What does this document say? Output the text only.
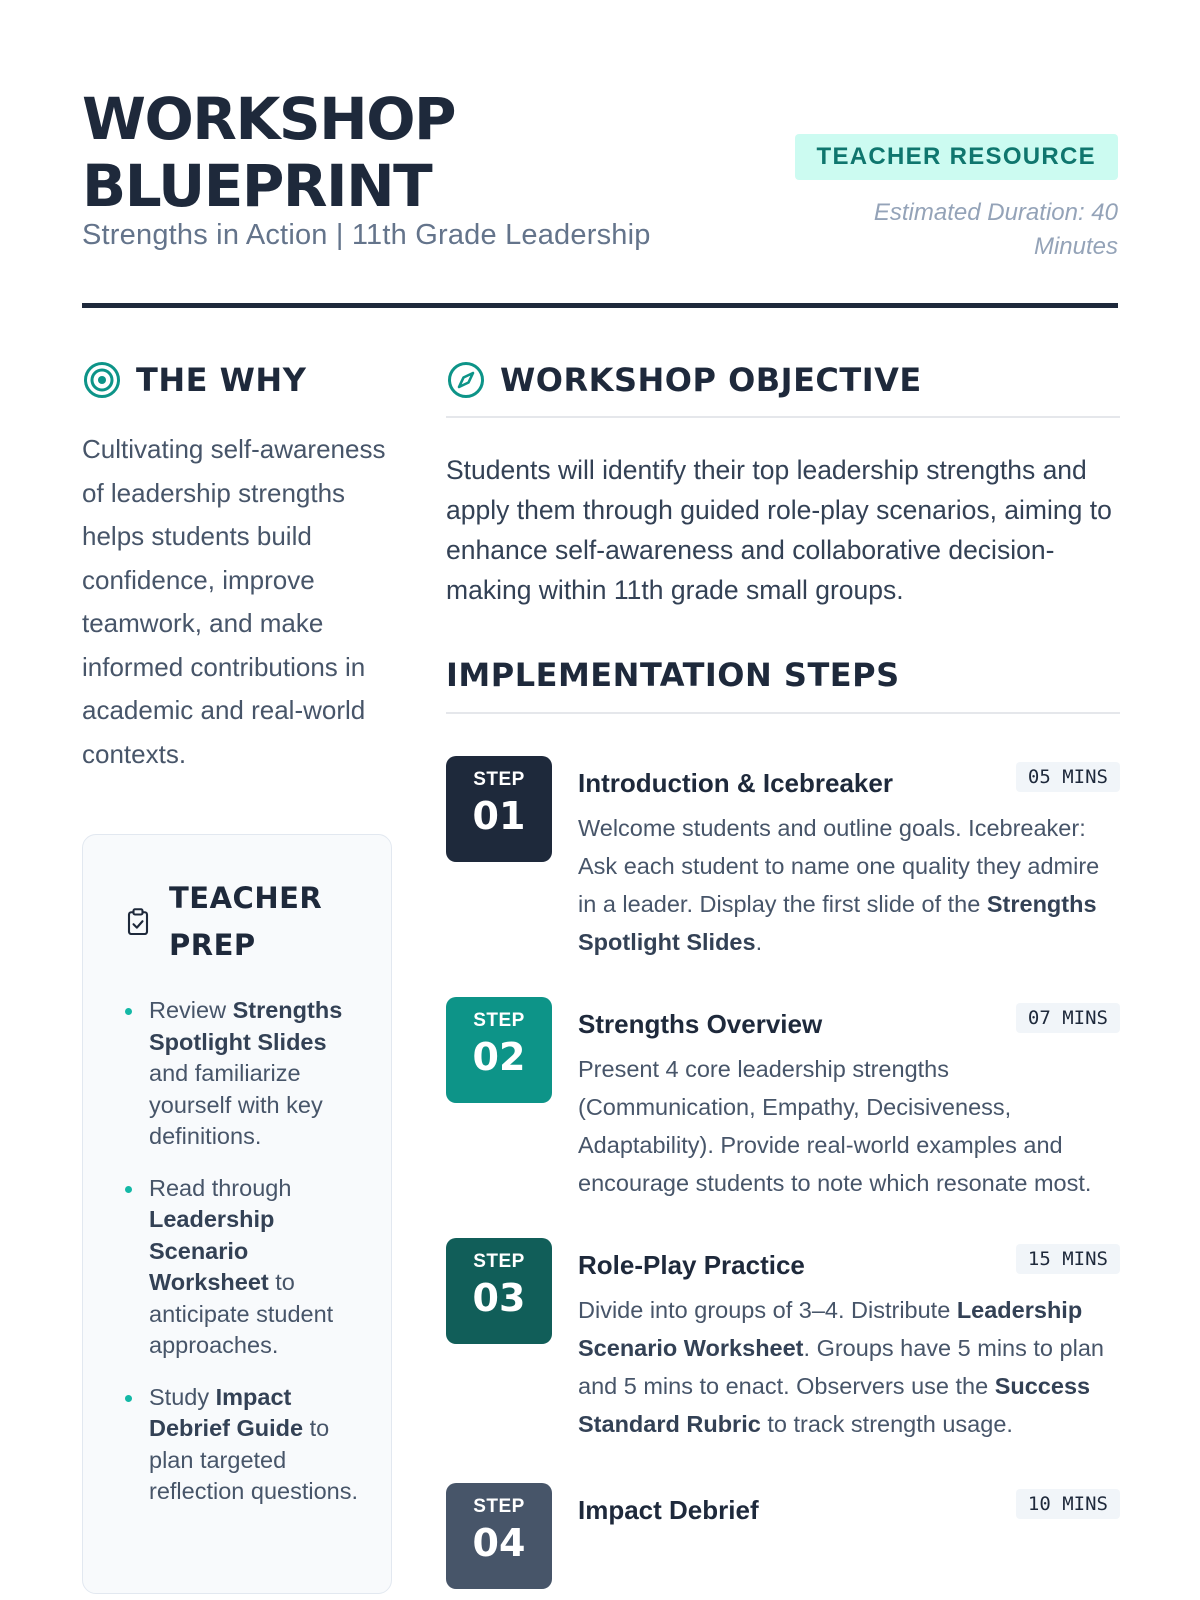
WORKSHOP BLUEPRINT
Strengths in Action | 11th Grade Leadership
TEACHER RESOURCE
Estimated Duration: 40 Minutes
THE WHY

Cultivating self-awareness of leadership strengths helps students build confidence, improve teamwork, and make informed contributions in academic and real-world contexts.

TEACHER PREP
Review Strengths Spotlight Slides and familiarize yourself with key definitions.
Read through Leadership Scenario Worksheet to anticipate student approaches.
Study Impact Debrief Guide to plan targeted reflection questions.
WORKSHOP OBJECTIVE

Students will identify their top leadership strengths and apply them through guided role-play scenarios, aiming to enhance self-awareness and collaborative decision-making within 11th grade small groups.

IMPLEMENTATION STEPS
STEP
01
Introduction & Icebreaker	05 MINS

Welcome students and outline goals. Icebreaker: Ask each student to name one quality they admire in a leader. Display the first slide of the Strengths Spotlight Slides.

STEP
02
Strengths Overview	07 MINS

Present 4 core leadership strengths (Communication, Empathy, Decisiveness, Adaptability). Provide real-world examples and encourage students to note which resonate most.

STEP
03
Role-Play Practice	15 MINS

Divide into groups of 3–4. Distribute Leadership Scenario Worksheet. Groups have 5 mins to plan and 5 mins to enact. Observers use the Success Standard Rubric to track strength usage.

STEP
04
Impact Debrief	10 MINS
